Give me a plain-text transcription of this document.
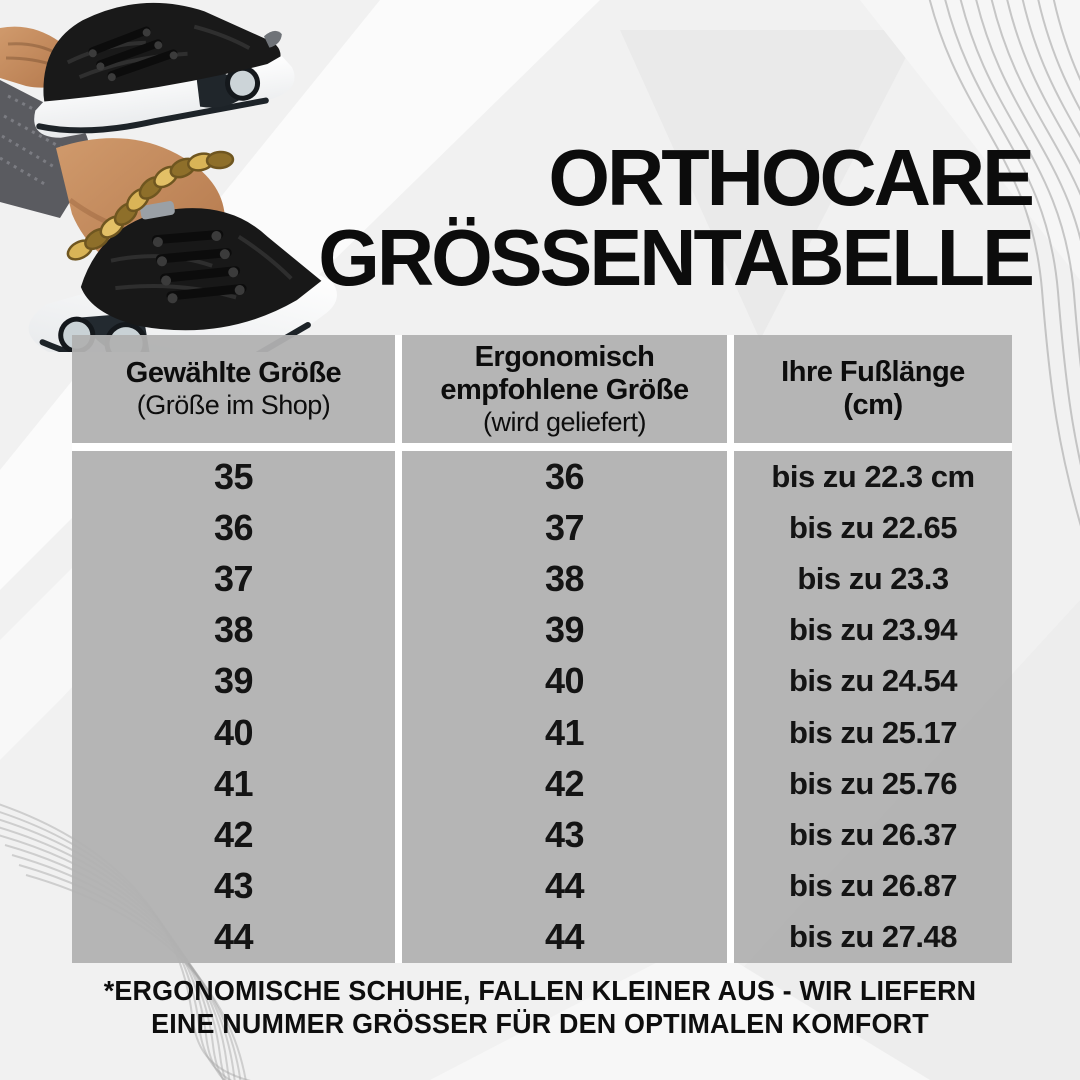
ORTHOCARE
GRÖSSENTABELLE
Gewählte Größe
(Größe im Shop)
35
36
37
38
39
40
41
42
43
44
Ergonomisch empfohlene Größe
(wird geliefert)
36
37
38
39
40
41
42
43
44
44
Ihre Fußlänge
(cm)
bis zu 22.3 cm
bis zu 22.65
bis zu 23.3
bis zu 23.94
bis zu 24.54
bis zu 25.17
bis zu 25.76
bis zu 26.37
bis zu 26.87
bis zu 27.48
*ERGONOMISCHE SCHUHE, FALLEN KLEINER AUS - WIR LIEFERN
EINE NUMMER GRÖSSER FÜR DEN OPTIMALEN KOMFORT
